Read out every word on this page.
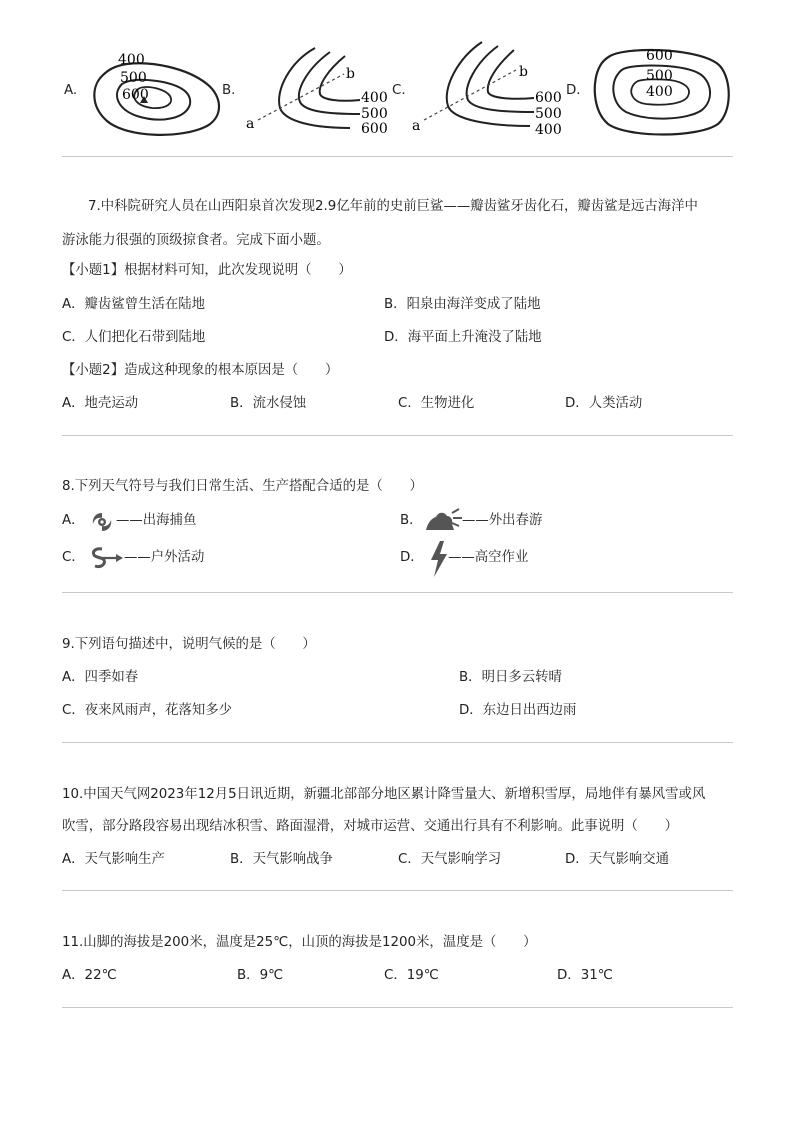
A.
400
500
600	B.
a
b
400
500
600
C.
a
b
600
500
400
D.
600
500
400
7.中科院研究人员在山西阳泉首次发现2.9亿年前的史前巨鲨——瓣齿鲨牙齿化石，瓣齿鲨是远古海洋中
游泳能力很强的顶级掠食者。完成下面小题。
【小题1】根据材料可知，此次发现说明（　　）
A．瓣齿鲨曾生活在陆地	B．阳泉由海洋变成了陆地
C．人们把化石带到陆地	D．海平面上升淹没了陆地
【小题2】造成这种现象的根本原因是（　　）
A．地壳运动	B．流水侵蚀	C．生物进化	D．人类活动
8.下列天气符号与我们日常生活、生产搭配合适的是（　　）
A． ——出海捕鱼	B．	——外出春游
C．	——户外活动	D． ——高空作业
9.下列语句描述中，说明气候的是（　　）
A．四季如春	B．明日多云转晴
C．夜来风雨声，花落知多少	D．东边日出西边雨
10.中国天气网2023年12月5日讯近期，新疆北部部分地区累计降雪量大、新增积雪厚，局地伴有暴风雪或风
吹雪，部分路段容易出现结冰积雪、路面湿滑，对城市运营、交通出行具有不利影响。此事说明（　　）
A．天气影响生产	B．天气影响战争	C．天气影响学习	D．天气影响交通
11.山脚的海拔是200米，温度是25℃，山顶的海拔是1200米，温度是（　　）
A．22℃	B．9℃	C．19℃	D．31℃
